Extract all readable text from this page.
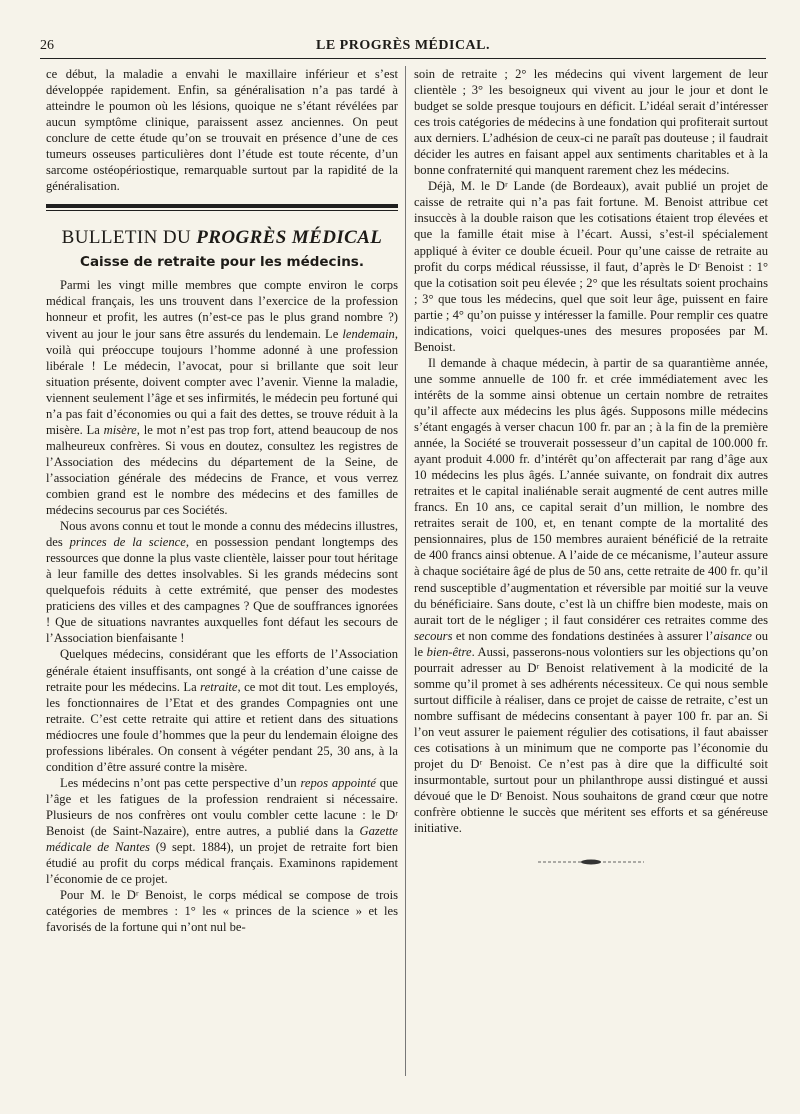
26	LE PROGRÈS MÉDICAL.

ce début, la maladie a envahi le maxillaire inférieur et s’est développée rapidement. Enfin, sa généralisation n’a pas tardé à atteindre le poumon où les lésions, quoique ne s’étant révélées par aucun symptôme clinique, paraissent assez anciennes. On peut conclure de cette étude qu’on se trouvait en présence d’une de ces tumeurs osseuses particulières dont l’étude est toute récente, d’un sarcome ostéopériostique, remarquable surtout par la rapidité de la généralisation.

BULLETIN DU PROGRÈS MÉDICAL
Caisse de retraite pour les médecins.

Parmi les vingt mille membres que compte environ le corps médical français, les uns trouvent dans l’exercice de la profession honneur et profit, les autres (n’est-ce pas le plus grand nombre ?) vivent au jour le jour sans être assurés du lendemain. Le lendemain, voilà qui préoccupe toujours l’homme adonné à une profession libérale ! Le médecin, l’avocat, pour si brillante que soit leur situation présente, doivent compter avec l’avenir. Vienne la maladie, viennent seulement l’âge et ses infirmités, le médecin peu fortuné qui n’a pas fait d’économies ou qui a fait des dettes, se trouve réduit à la misère. La misère, le mot n’est pas trop fort, attend beaucoup de nos malheureux confrères. Si vous en doutez, consultez les registres de l’Association des médecins du département de la Seine, de l’association générale des médecins de France, et vous verrez combien grand est le nombre des médecins et des familles de médecins secourus par ces Sociétés.

Nous avons connu et tout le monde a connu des médecins illustres, des princes de la science, en possession pendant longtemps des ressources que donne la plus vaste clientèle, laisser pour tout héritage à leur famille des dettes insolvables. Si les grands médecins sont quelquefois réduits à cette extrémité, que penser des modestes praticiens des villes et des campagnes ? Que de souffrances ignorées ! Que de situations navrantes auxquelles font défaut les secours de l’Association bienfaisante !

Quelques médecins, considérant que les efforts de l’Association générale étaient insuffisants, ont songé à la création d’une caisse de retraite pour les médecins. La retraite, ce mot dit tout. Les employés, les fonctionnaires de l’Etat et des grandes Compagnies ont une retraite. C’est cette retraite qui attire et retient dans des situations médiocres une foule d’hommes que la peur du lendemain éloigne des professions libérales. On consent à végéter pendant 25, 30 ans, à la condition d’être assuré contre la misère.

Les médecins n’ont pas cette perspective d’un repos appointé que l’âge et les fatigues de la profession rendraient si nécessaire. Plusieurs de nos confrères ont voulu combler cette lacune : le Dʳ Benoist (de Saint-Nazaire), entre autres, a publié dans la Gazette médicale de Nantes (9 sept. 1884), un projet de retraite fort bien étudié au profit du corps médical français. Examinons rapidement l’économie de ce projet.

Pour M. le Dʳ Benoist, le corps médical se compose de trois catégories de membres : 1° les « princes de la science » et les favorisés de la fortune qui n’ont nul be-

soin de retraite ; 2° les médecins qui vivent largement de leur clientèle ; 3° les besoigneux qui vivent au jour le jour et dont le budget se solde presque toujours en déficit. L’idéal serait d’intéresser ces trois catégories de médecins à une fondation qui profiterait surtout aux derniers. L’adhésion de ceux-ci ne paraît pas douteuse ; il faudrait décider les autres en faisant appel aux sentiments charitables et à la bonne confraternité qui manquent rarement chez les médecins.

Déjà, M. le Dʳ Lande (de Bordeaux), avait publié un projet de caisse de retraite qui n’a pas fait fortune. M. Benoist attribue cet insuccès à la double raison que les cotisations étaient trop élevées et que la famille était mise à l’écart. Aussi, s’est-il spécialement appliqué à éviter ce double écueil. Pour qu’une caisse de retraite au profit du corps médical réussisse, il faut, d’après le Dʳ Benoist : 1° que la cotisation soit peu élevée ; 2° que les résultats soient prochains ; 3° que tous les médecins, quel que soit leur âge, puissent en faire partie ; 4° qu’on puisse y intéresser la famille. Pour remplir ces quatre indications, voici quelques-unes des mesures proposées par M. Benoist.

Il demande à chaque médecin, à partir de sa quarantième année, une somme annuelle de 100 fr. et crée immédiatement avec les intérêts de la somme ainsi obtenue un certain nombre de retraites qu’il affecte aux médecins les plus âgés. Supposons mille médecins s’étant engagés à verser chacun 100 fr. par an ; à la fin de la première année, la Société se trouverait possesseur d’un capital de 100.000 fr. ayant produit 4.000 fr. d’intérêt qu’on affecterait par rang d’âge aux 10 médecins les plus âgés. L’année suivante, on fondrait dix autres retraites et le capital inaliénable serait augmenté de cent autres mille francs. En 10 ans, ce capital serait d’un million, le nombre des retraites serait de 100, et, en tenant compte de la mortalité des pensionnaires, plus de 150 membres auraient bénéficié de la retraite de 400 francs ainsi obtenue. A l’aide de ce mécanisme, l’auteur assure à chaque sociétaire âgé de plus de 50 ans, cette retraite de 400 fr. qu’il rend susceptible d’augmentation et réversible par moitié sur la veuve du bénéficiaire. Sans doute, c’est là un chiffre bien modeste, mais on aurait tort de le négliger ; il faut considérer ces retraites comme des secours et non comme des fondations destinées à assurer l’aisance ou le bien-être. Aussi, passerons-nous volontiers sur les objections qu’on pourrait adresser au Dʳ Benoist relativement à la modicité de la somme qu’il promet à ses adhérents nécessiteux. Ce qui nous semble surtout difficile à réaliser, dans ce projet de caisse de retraite, c’est un nombre suffisant de médecins consentant à payer 100 fr. par an. Si l’on veut assurer le paiement régulier des cotisations, il faut abaisser ces cotisations à un minimum que ne comporte pas l’économie du projet du Dʳ Benoist. Ce n’est pas à dire que la difficulté soit insurmontable, surtout pour un philanthrope aussi distingué et aussi dévoué que le Dʳ Benoist. Nous souhaitons de grand cœur que notre confrère obtienne le succès que méritent ses efforts et sa généreuse initiative.
